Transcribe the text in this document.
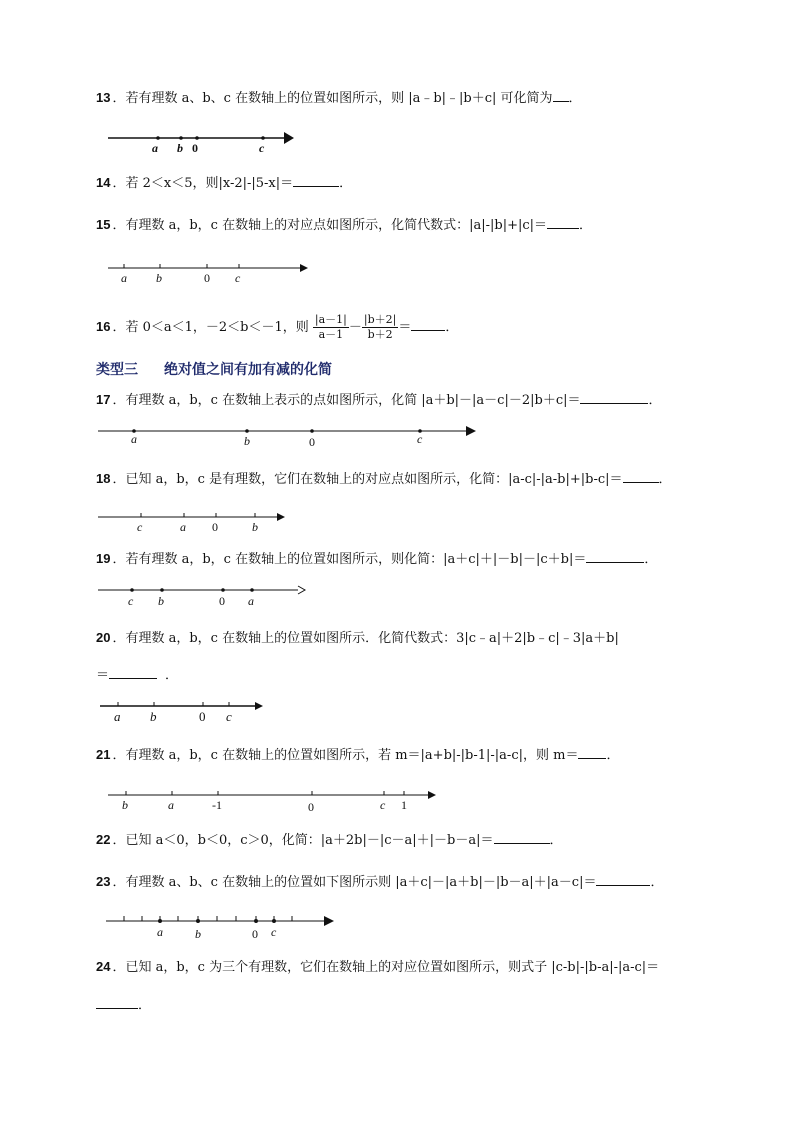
13 ．若有理数 a、b、c 在数轴上的位置如图所示，则 |a﹣b|﹣|b＋c| 可化简为 ．
a b 0	c
14 ．若 2＜x＜5，则|x-2|-|5-x|＝	．
15 ．有理数 a，b，c 在数轴上的对应点如图所示，化简代数式：|a|-|b|+|c|＝ ．
a b	0 c
16 ．若 0＜a＜1，－2＜b＜－1，则 $\frac{|a-1|}{a-1} - \frac{|b+2|}{b+2}$ ＝	．
类型三 绝对值之间有加有减的化简
17 ．有理数 a，b，c 在数轴上表示的点如图所示，化简 |a＋b|－|a－c|－2|b＋c|＝	．
a	b	0	c
18 ．已知 a，b，c 是有理数，它们在数轴上的对应点如图所示，化简：|a-c|-|a-b|+|b-c|＝	．
c	a 0	b
19 ．若有理数 a，b，c 在数轴上的位置如图所示，则化简：|a＋c|＋|－b|－|c＋b|＝	．
c b	0 a
20 ．有理数 a，b，c 在数轴上的位置如图所示．化简代数式：3|c﹣a|＋2|b﹣c|﹣3|a＋b|
＝	．
a b	0 c
21 ．有理数 a，b，c 在数轴上的位置如图所示，若 m＝|a+b|-|b-1|-|a-c|，则 m＝ ．
b	a	-1	0	c 1
22 ．已知 a＜0，b＜0，c＞0，化简：|a＋2b|－|c－a|＋|－b－a|＝	．
23 ．有理数 a、b、c 在数轴上的位置如下图所示则 |a＋c|－|a＋b|－|b－a|＋|a－c|＝	．
a	b	0 c
24 ．已知 a，b，c 为三个有理数，它们在数轴上的对应位置如图所示，则式子 |c-b|-|b-a|-|a-c|＝
．
